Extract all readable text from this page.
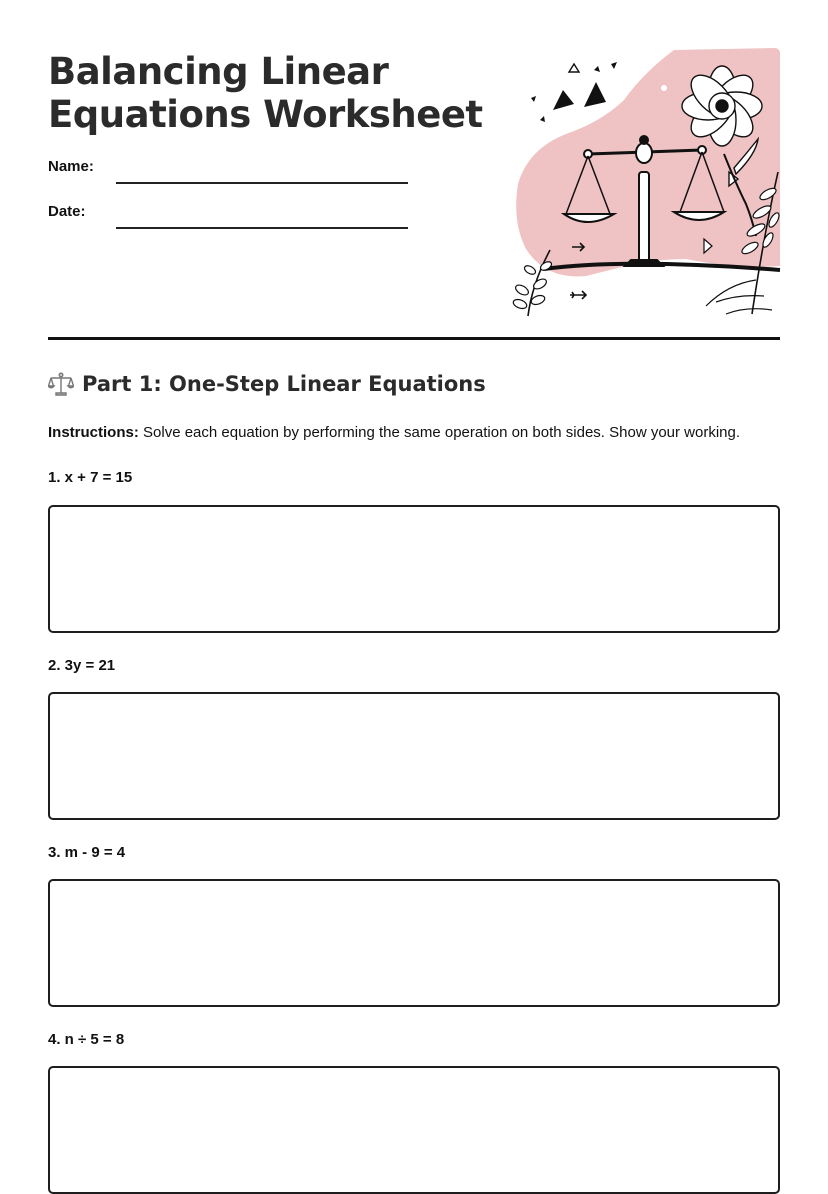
Balancing Linear
Equations Worksheet
Name:
Date:
Part 1: One-Step Linear Equations

Instructions: Solve each equation by performing the same operation on both sides. Show your working.

1. x + 7 = 15
2. 3y = 21
3. m - 9 = 4
4. n ÷ 5 = 8
